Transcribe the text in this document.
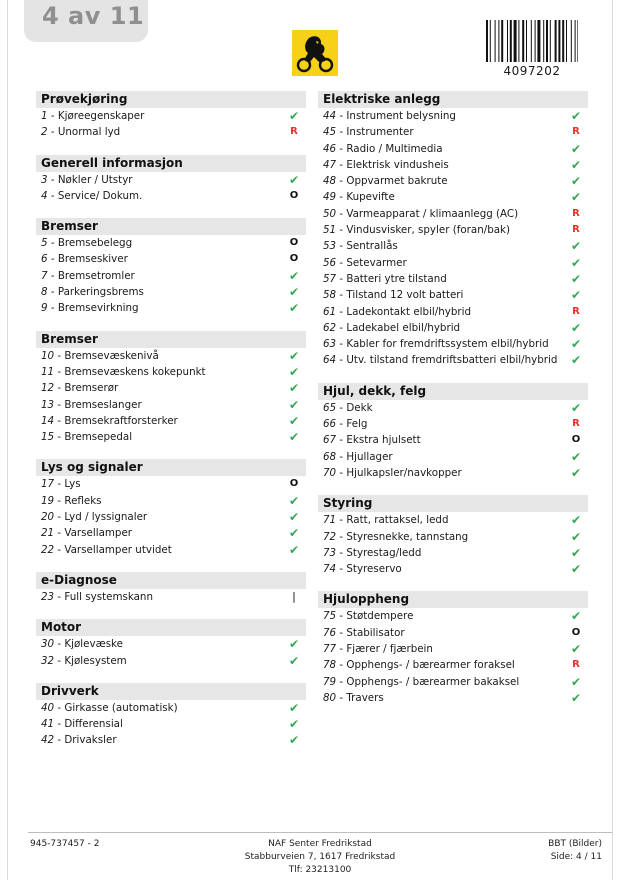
4 av 11
4097202
Prøvekjøring
1 - Kjøreegenskaper	✔
2 - Unormal lyd	R
Generell informasjon
3 - Nøkler / Utstyr	✔
4 - Service/ Dokum.	O
Bremser
5 - Bremsebelegg	O
6 - Bremseskiver	O
7 - Bremsetromler	✔
8 - Parkeringsbrems	✔
9 - Bremsevirkning	✔
Bremser
10 - Bremsevæskenivå	✔
11 - Bremsevæskens kokepunkt	✔
12 - Bremserør	✔
13 - Bremseslanger	✔
14 - Bremsekraftforsterker	✔
15 - Bremsepedal	✔
Lys og signaler
17 - Lys	O
19 - Refleks	✔
20 - Lyd / lyssignaler	✔
21 - Varsellamper	✔
22 - Varsellamper utvidet	✔
e-Diagnose
23 - Full systemskann	|
Motor
30 - Kjølevæske	✔
32 - Kjølesystem	✔
Drivverk
40 - Girkasse (automatisk)	✔
41 - Differensial	✔
42 - Drivaksler	✔
Elektriske anlegg
44 - Instrument belysning	✔
45 - Instrumenter	R
46 - Radio / Multimedia	✔
47 - Elektrisk vindusheis	✔
48 - Oppvarmet bakrute	✔
49 - Kupevifte	✔
50 - Varmeapparat / klimaanlegg (AC)	R
51 - Vindusvisker, spyler (foran/bak)	R
53 - Sentrallås	✔
56 - Setevarmer	✔
57 - Batteri ytre tilstand	✔
58 - Tilstand 12 volt batteri	✔
61 - Ladekontakt elbil/hybrid	R
62 - Ladekabel elbil/hybrid	✔
63 - Kabler for fremdriftssystem elbil/hybrid ✔
64 - Utv. tilstand fremdriftsbatteri elbil/hybrid ✔
Hjul, dekk, felg
65 - Dekk	✔
66 - Felg	R
67 - Ekstra hjulsett	O
68 - Hjullager	✔
70 - Hjulkapsler/navkopper	✔
Styring
71 - Ratt, rattaksel, ledd	✔
72 - Styresnekke, tannstang	✔
73 - Styrestag/ledd	✔
74 - Styreservo	✔
Hjuloppheng
75 - Støtdempere	✔
76 - Stabilisator	O
77 - Fjærer / fjærbein	✔
78 - Opphengs- / bærearmer foraksel	R
79 - Opphengs- / bærearmer bakaksel	✔
80 - Travers	✔
945-737457 - 2	NAF Senter Fredrikstad
Stabburveien 7, 1617 Fredrikstad
Tlf: 23213100
BBT (Bilder)
Side: 4 / 11
